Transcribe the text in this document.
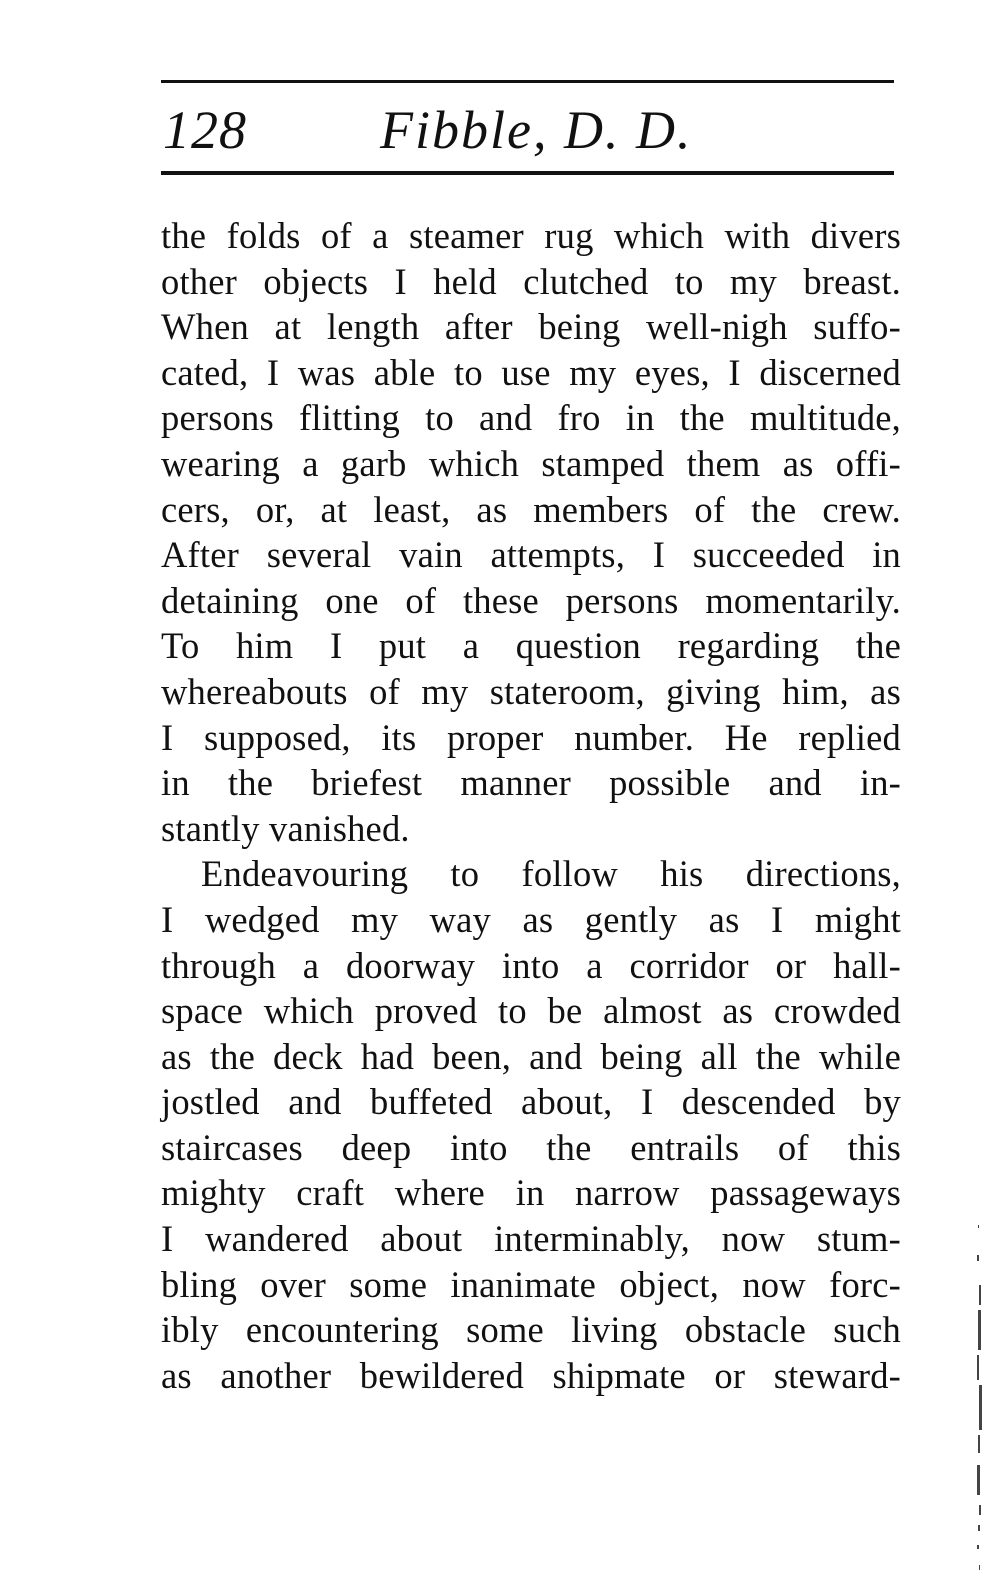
128 Fibble, D. D.
the folds of a steamer rug which with divers
other objects I held clutched to my breast.
When at length after being well-nigh suffo-
cated, I was able to use my eyes, I discerned
persons flitting to and fro in the multitude,
wearing a garb which stamped them as offi-
cers, or, at least, as members of the crew.
After several vain attempts, I succeeded in
detaining one of these persons momentarily.
To him I put a question regarding the
whereabouts of my stateroom, giving him, as
I supposed, its proper number. He replied
in the briefest manner possible and in-
stantly vanished.
Endeavouring to follow his directions,
I wedged my way as gently as I might
through a doorway into a corridor or hall-
space which proved to be almost as crowded
as the deck had been, and being all the while
jostled and buffeted about, I descended by
staircases deep into the entrails of this
mighty craft where in narrow passageways
I wandered about interminably, now stum-
bling over some inanimate object, now forc-
ibly encountering some living obstacle such
as another bewildered shipmate or steward-
